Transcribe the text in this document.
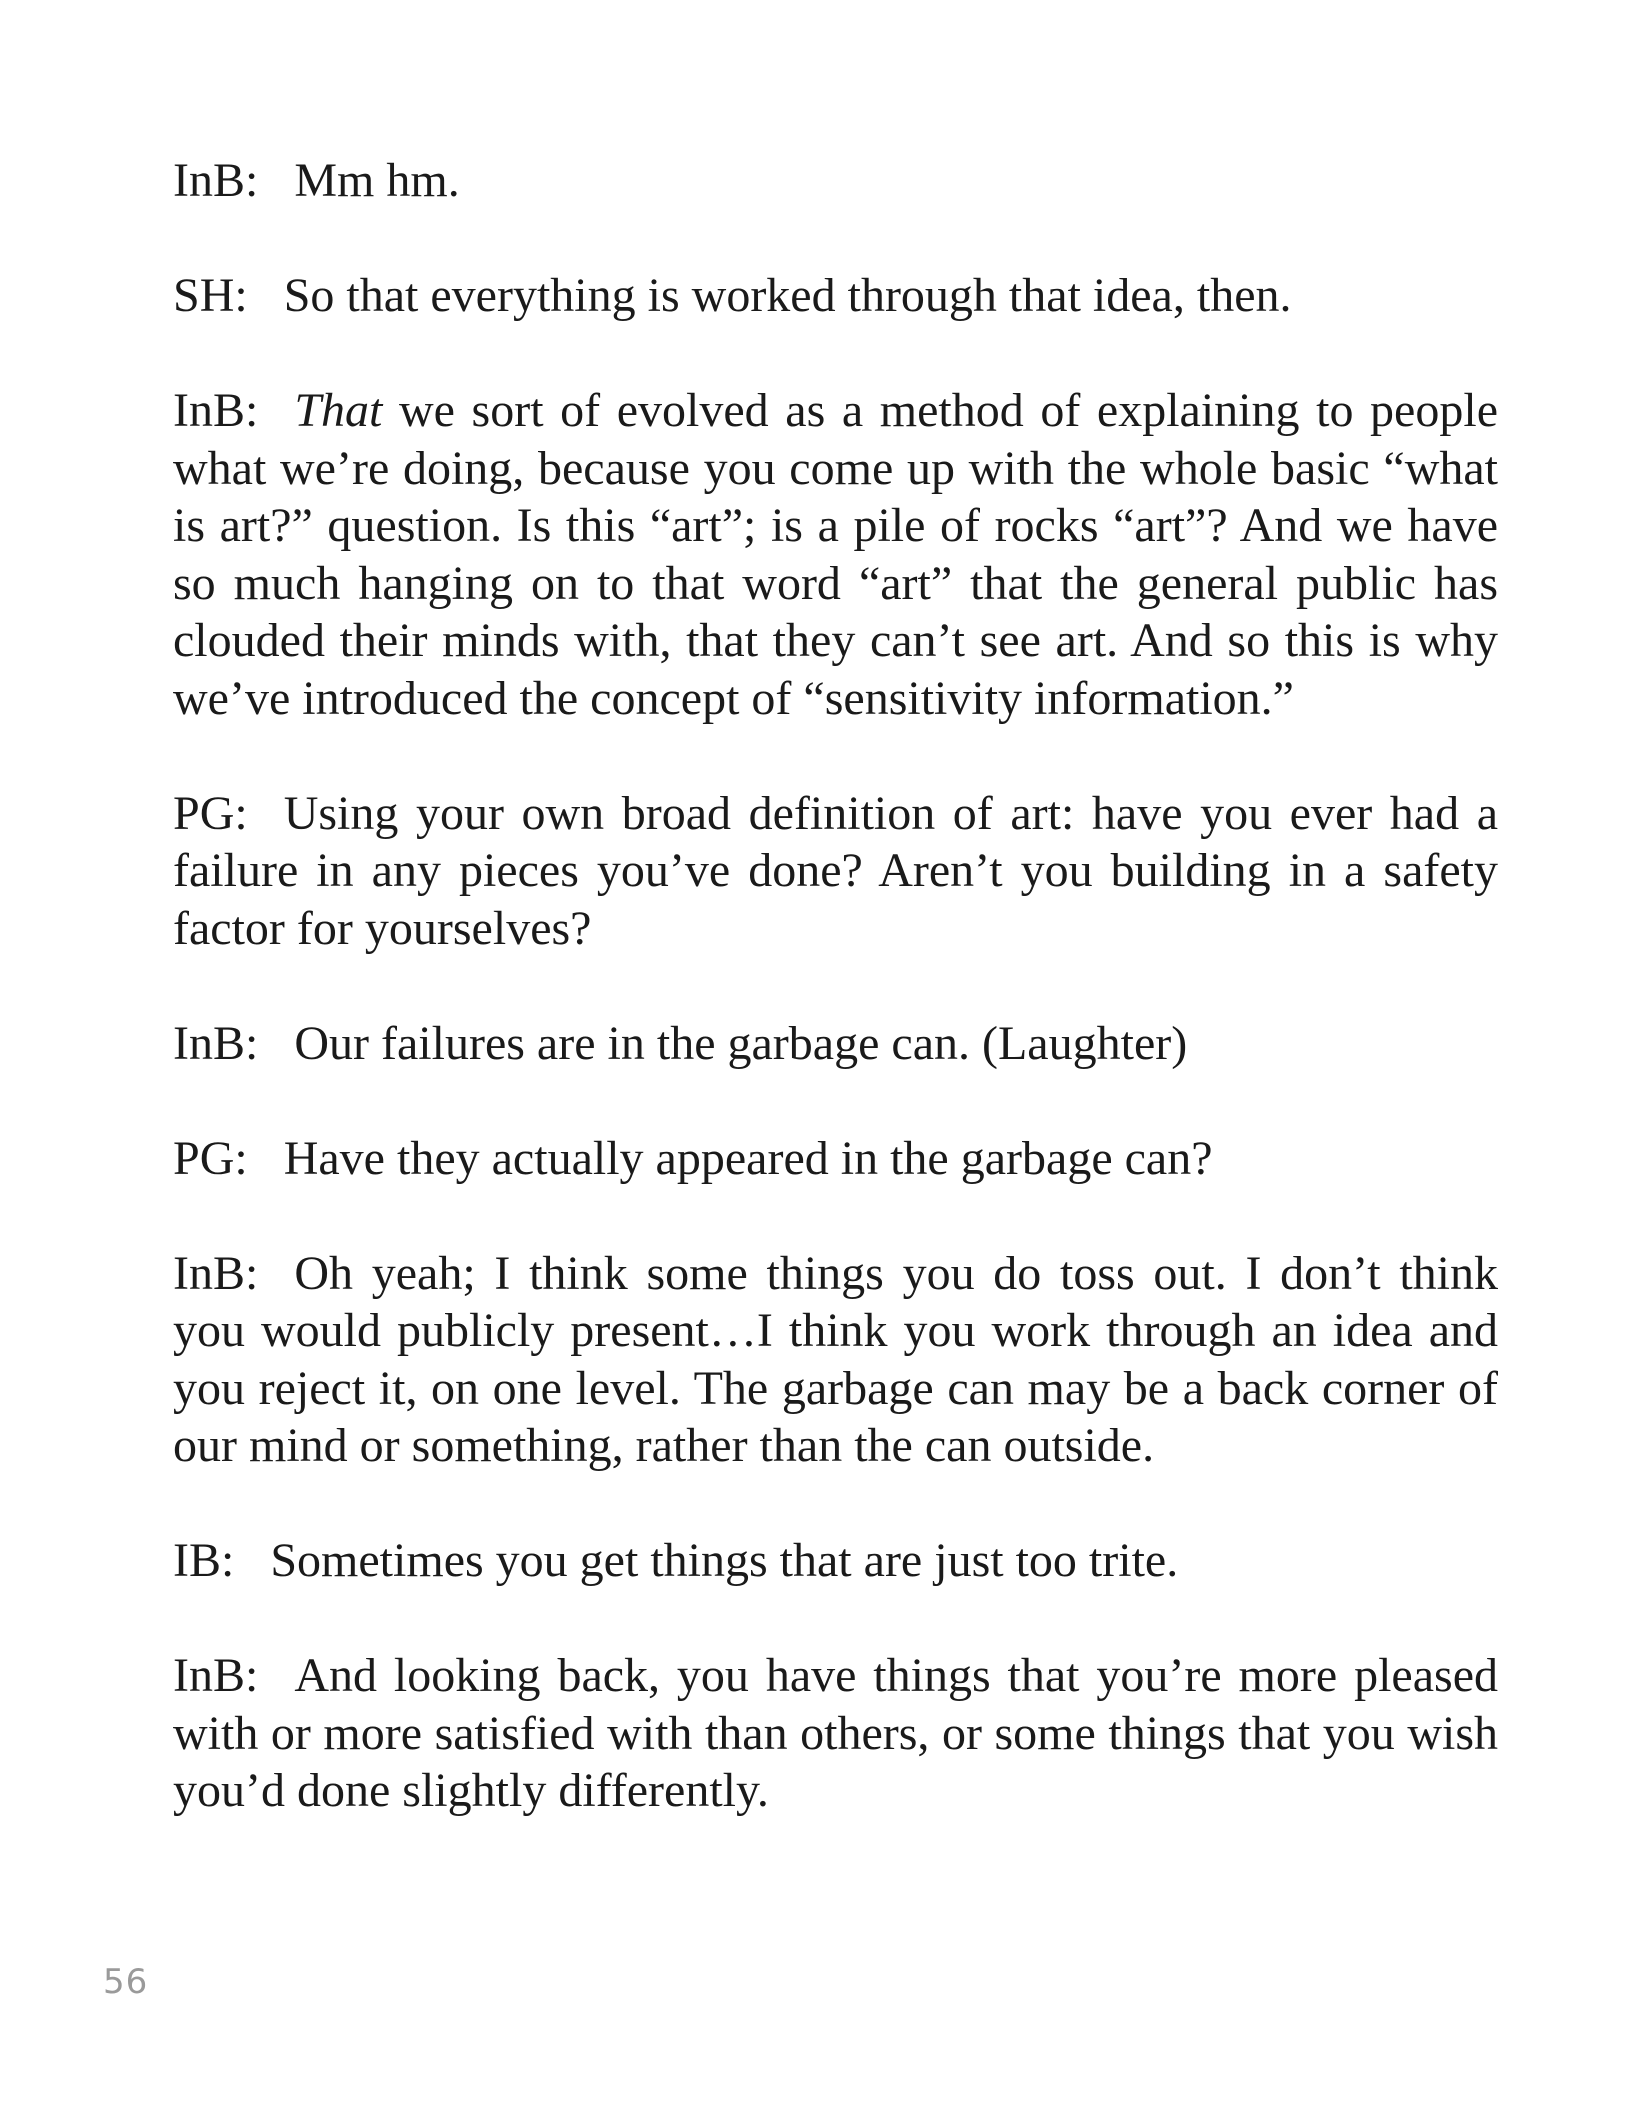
InB: Mm hm.

SH: So that everything is worked through that idea, then.

InB: That we sort of evolved as a method of explaining to people what we’re doing, because you come up with the whole basic “what is art?” question. Is this “art”; is a pile of rocks “art”? And we have so much hanging on to that word “art” that the general public has clouded their minds with, that they can’t see art. And so this is why we’ve introduced the concept of “sensitivity information.”

PG: Using your own broad definition of art: have you ever had a failure in any pieces you’ve done? Aren’t you building in a safety factor for yourselves?

InB: Our failures are in the garbage can. (Laughter)

PG: Have they actually appeared in the garbage can?

InB: Oh yeah; I think some things you do toss out. I don’t think you would publicly present…I think you work through an idea and you reject it, on one level. The garbage can may be a back corner of our mind or something, rather than the can outside.

IB: Sometimes you get things that are just too trite.

InB: And looking back, you have things that you’re more pleased with or more satisfied with than others, or some things that you wish you’d done slightly differently.

56
